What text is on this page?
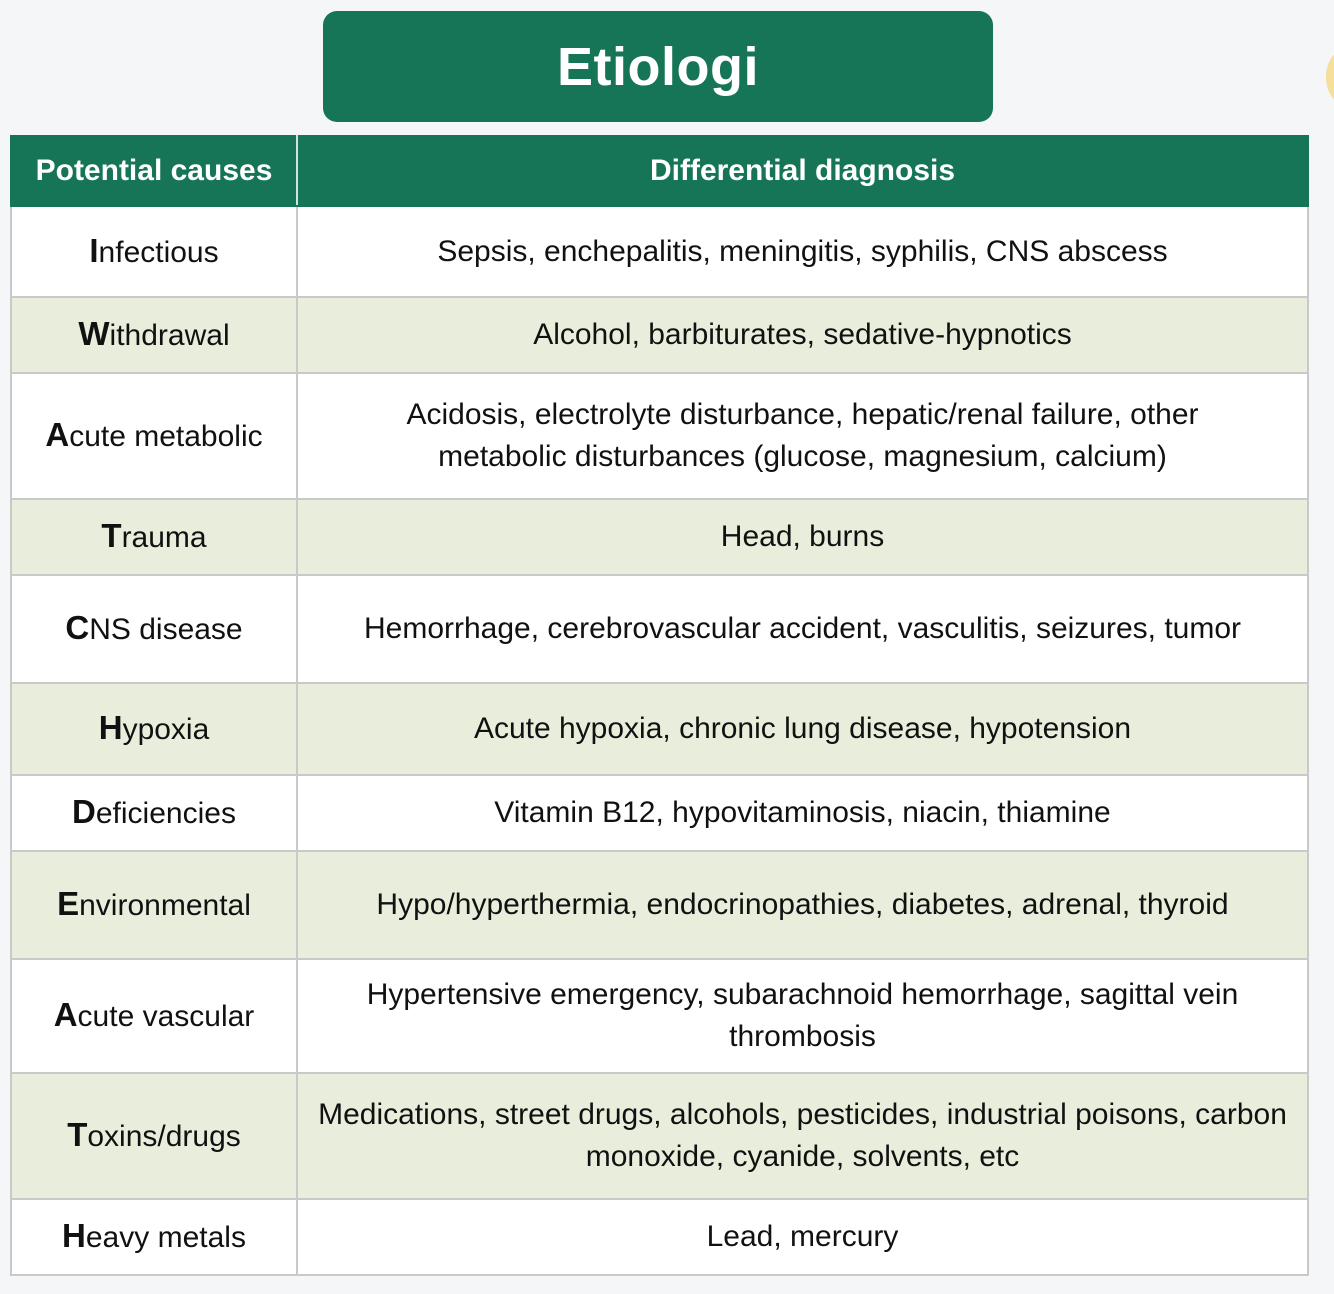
Etiologi
Potential causes	Differential diagnosis
Infectious	Sepsis, enchepalitis, meningitis, syphilis, CNS abscess
Withdrawal	Alcohol, barbiturates, sedative-hypnotics
Acute metabolic	Acidosis, electrolyte disturbance, hepatic/renal failure, other metabolic disturbances (glucose, magnesium, calcium)
Trauma	Head, burns
CNS disease	Hemorrhage, cerebrovascular accident, vasculitis, seizures, tumor
Hypoxia	Acute hypoxia, chronic lung disease, hypotension
Deficiencies	Vitamin B12, hypovitaminosis, niacin, thiamine
Environmental	Hypo/hyperthermia, endocrinopathies, diabetes, adrenal, thyroid
Acute vascular	Hypertensive emergency, subarachnoid hemorrhage, sagittal vein thrombosis
Toxins/drugs	Medications, street drugs, alcohols, pesticides, industrial poisons, carbon monoxide, cyanide, solvents, etc
Heavy metals	Lead, mercury
